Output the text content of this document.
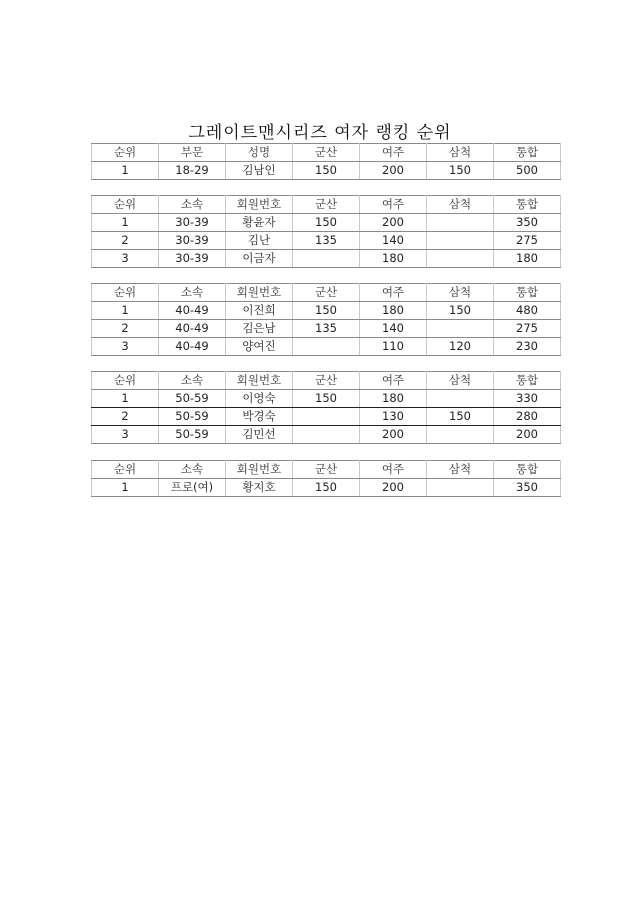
그레이트맨시리즈 여자 랭킹 순위
순위	부문	성명	군산	여주	삼척	통합
1	18-29	김남인	150	200	150	500
순위	소속	회원번호	군산	여주	삼척	통합
1	30-39	황윤자	150	200		350
2	30-39	김난	135	140		275
3	30-39	이금자		180		180
순위	소속	회원번호	군산	여주	삼척	통합
1	40-49	이진희	150	180	150	480
2	40-49	김은남	135	140		275
3	40-49	양여진		110	120	230
순위	소속	회원번호	군산	여주	삼척	통합
1	50-59	이영숙	150	180		330
2	50-59	박경숙		130	150	280
3	50-59	김민선		200		200
순위	소속	회원번호	군산	여주	삼척	통합
1	프로(여)	황지호	150	200		350
